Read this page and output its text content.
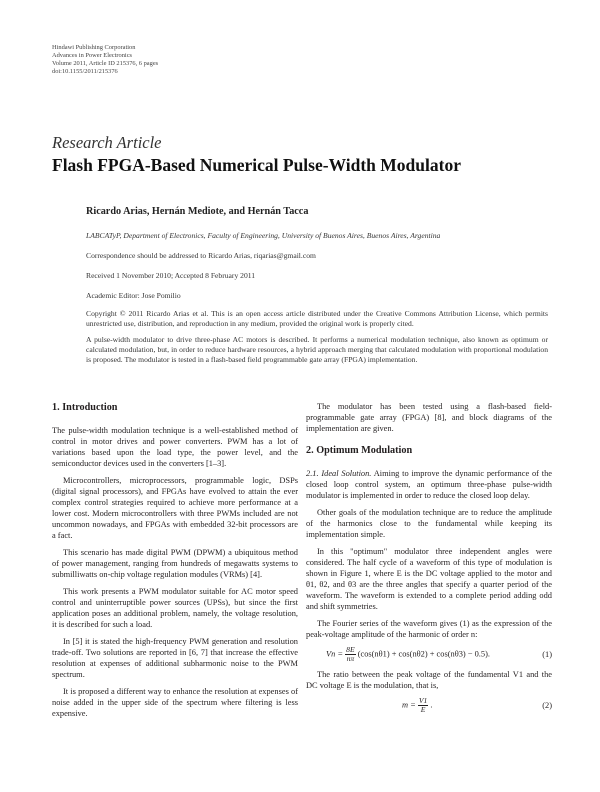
Hindawi Publishing Corporation
Advances in Power Electronics
Volume 2011, Article ID 215376, 6 pages
doi:10.1155/2011/215376
Research Article
Flash FPGA-Based Numerical Pulse-Width Modulator
Ricardo Arias, Hernán Mediote, and Hernán Tacca
LABCATyP, Department of Electronics, Faculty of Engineering, University of Buenos Aires, Buenos Aires, Argentina
Correspondence should be addressed to Ricardo Arias, riqarias@gmail.com
Received 1 November 2010; Accepted 8 February 2011
Academic Editor: Jose Pomilio
Copyright © 2011 Ricardo Arias et al. This is an open access article distributed under the Creative Commons Attribution License, which permits unrestricted use, distribution, and reproduction in any medium, provided the original work is properly cited.
A pulse-width modulator to drive three-phase AC motors is described. It performs a numerical modulation technique, also known as optimum or calculated modulation, but, in order to reduce hardware resources, a hybrid approach merging that calculated modulation with proportional modulation is proposed. The modulator is tested in a flash-based field programmable gate array (FPGA) implementation.
1. Introduction

The pulse-width modulation technique is a well-established method of control in motor drives and power converters. PWM has a lot of variations based upon the load type, the power level, and the semiconductor devices used in the converters [1–3].

Microcontrollers, microprocessors, programmable logic, DSPs (digital signal processors), and FPGAs have evolved to attain the ever complex control strategies required to achieve more performance at a lower cost. Modern microcontrollers with three PWMs included are not uncommon nowadays, and FPGAs with embedded 32-bit processors are a fact.

This scenario has made digital PWM (DPWM) a ubiquitous method of power management, ranging from hundreds of megawatts systems to submilliwatts on-chip voltage regulation modules (VRMs) [4].

This work presents a PWM modulator suitable for AC motor speed control and uninterruptible power sources (UPSs), but since the first application poses an additional problem, namely, the voltage resolution, it is described for such a load.

In [5] it is stated the high-frequency PWM generation and resolution trade-off. Two solutions are reported in [6, 7] that increase the effective resolution at expenses of additional subharmonic noise to the PWM spectrum.

It is proposed a different way to enhance the resolution at expenses of noise added in the upper side of the spectrum where filtering is less expensive.

The modulator has been tested using a flash-based field-programmable gate array (FPGA) [8], and block diagrams of the implementation are given.

2. Optimum Modulation

2.1. Ideal Solution. Aiming to improve the dynamic performance of the closed loop control system, an optimum three-phase pulse-width modulator is implemented in order to reduce the closed loop delay.

Other goals of the modulation technique are to reduce the amplitude of the harmonics close to the fundamental while keeping its implementation simple.

In this "optimum" modulator three independent angles were considered. The half cycle of a waveform of this type of modulation is shown in Figure 1, where E is the DC voltage applied to the motor and θ1, θ2, and θ3 are the three angles that specify a quarter period of the waveform. The waveform is extended to a complete period adding odd and shift symmetries.

The Fourier series of the waveform gives (1) as the expression of the peak-voltage amplitude of the harmonic of order n:

$Vn = \frac{8E}{n\pi} (\cos(n\theta 1) + \cos(n\theta 2) + \cos(n\theta 3) - 0.5)$.	(1)

The ratio between the peak voltage of the fundamental V1 and the DC voltage E is the modulation, that is,

$m = \frac{V1}{E}$ .	(2)
